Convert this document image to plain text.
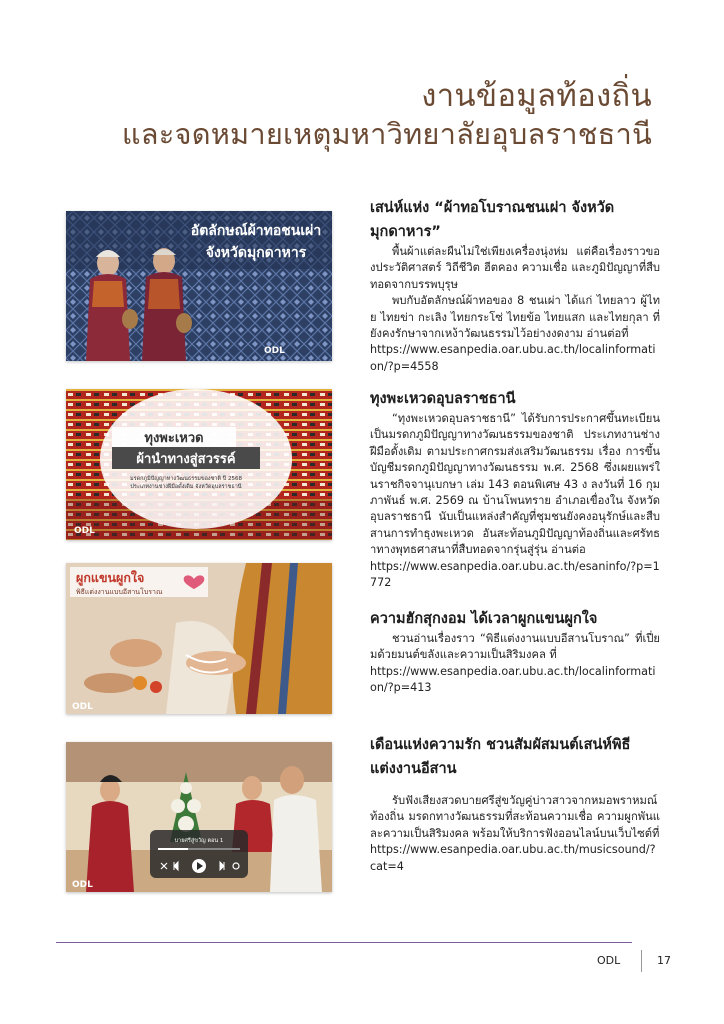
งานข้อมูลท้องถิ่น
และจดหมายเหตุมหาวิทยาลัยอุบลราชธานี
อัตลักษณ์ผ้าทอชนเผ่า
จังหวัดมุกดาหาร
ODL
ทุงพะเหวด
ผ้านำทางสู่สวรรค์
มรดกภูมิปัญญาทางวัฒนธรรมของชาติ ปี 2568
ประเภทงานช่างฝีมือดั้งเดิม จังหวัดอุบลราชธานี
ODL
ผูกแขนผูกใจ
พิธีแต่งงานแบบอีสานโบราณ
ODL
บายศรีสู่ขวัญ ตอน 1
ODL
เสน่ห์แห่ง “ผ้าทอโบราณชนเผ่า จังหวัดมุกดาหาร”

พื้นผ้าแต่ละผืนไม่ใช่เพียงเครื่องนุ่งห่ม แต่คือเรื่องราวของประวัติศาสตร์ วิถีชีวิต ฮีตคอง ความเชื่อ และภูมิปัญญาที่สืบทอดจากบรรพบุรุษ

พบกับอัตลักษณ์ผ้าทอของ 8 ชนเผ่า ได้แก่ ไทยลาว ผู้ไทย ไทยข่า กะเลิง ไทยกระโซ่ ไทยข้อ ไทยแสก และไทยกุลา ที่ยังคงรักษาจากเหง้าวัฒนธรรมไว้อย่างงดงาม อ่านต่อที่

https://www.esanpedia.oar.ubu.ac.th/localinformation/?p=4558

ทุงพะเหวดอุบลราชธานี

“ทุงพะเหวดอุบลราชธานี” ได้รับการประกาศขึ้นทะเบียนเป็นมรดกภูมิปัญญาทางวัฒนธรรมของชาติ ประเภทงานช่างฝีมือดั้งเดิม ตามประกาศกรมส่งเสริมวัฒนธรรม เรื่อง การขึ้นบัญชีมรดกภูมิปัญญาทางวัฒนธรรม พ.ศ. 2568 ซึ่งเผยแพร่ในราชกิจจานุเบกษา เล่ม 143 ตอนพิเศษ 43 ง ลงวันที่ 16 กุมภาพันธ์ พ.ศ. 2569 ณ บ้านโพนทราย อำเภอเขื่องใน จังหวัดอุบลราชธานี นับเป็นแหล่งสำคัญที่ชุมชนยังคงอนุรักษ์และสืบสานการทำธุงพะเหวด อันสะท้อนภูมิปัญญาท้องถิ่นและศรัทธาทางพุทธศาสนาที่สืบทอดจากรุ่นสู่รุ่น อ่านต่อ

https://www.esanpedia.oar.ubu.ac.th/esaninfo/?p=1772

ความฮักสุกงอม ได้เวลาผูกแขนผูกใจ

ชวนอ่านเรื่องราว “พิธีแต่งงานแบบอีสานโบราณ” ที่เปี่ยมด้วยมนต์ขลังและความเป็นสิริมงคล ที่

https://www.esanpedia.oar.ubu.ac.th/localinformation/?p=413

เดือนแห่งความรัก ชวนสัมผัสมนต์เสน่ห์พิธีแต่งงานอีสาน

รับฟังเสียงสวดบายศรีสู่ขวัญคู่บ่าวสาวจากหมอพราหมณ์ท้องถิ่น มรดกทางวัฒนธรรมที่สะท้อนความเชื่อ ความผูกพันและความเป็นสิริมงคล พร้อมให้บริการฟังออนไลน์บนเว็บไซต์ที่

https://www.esanpedia.oar.ubu.ac.th/musicsound/?cat=4

ODL	17
